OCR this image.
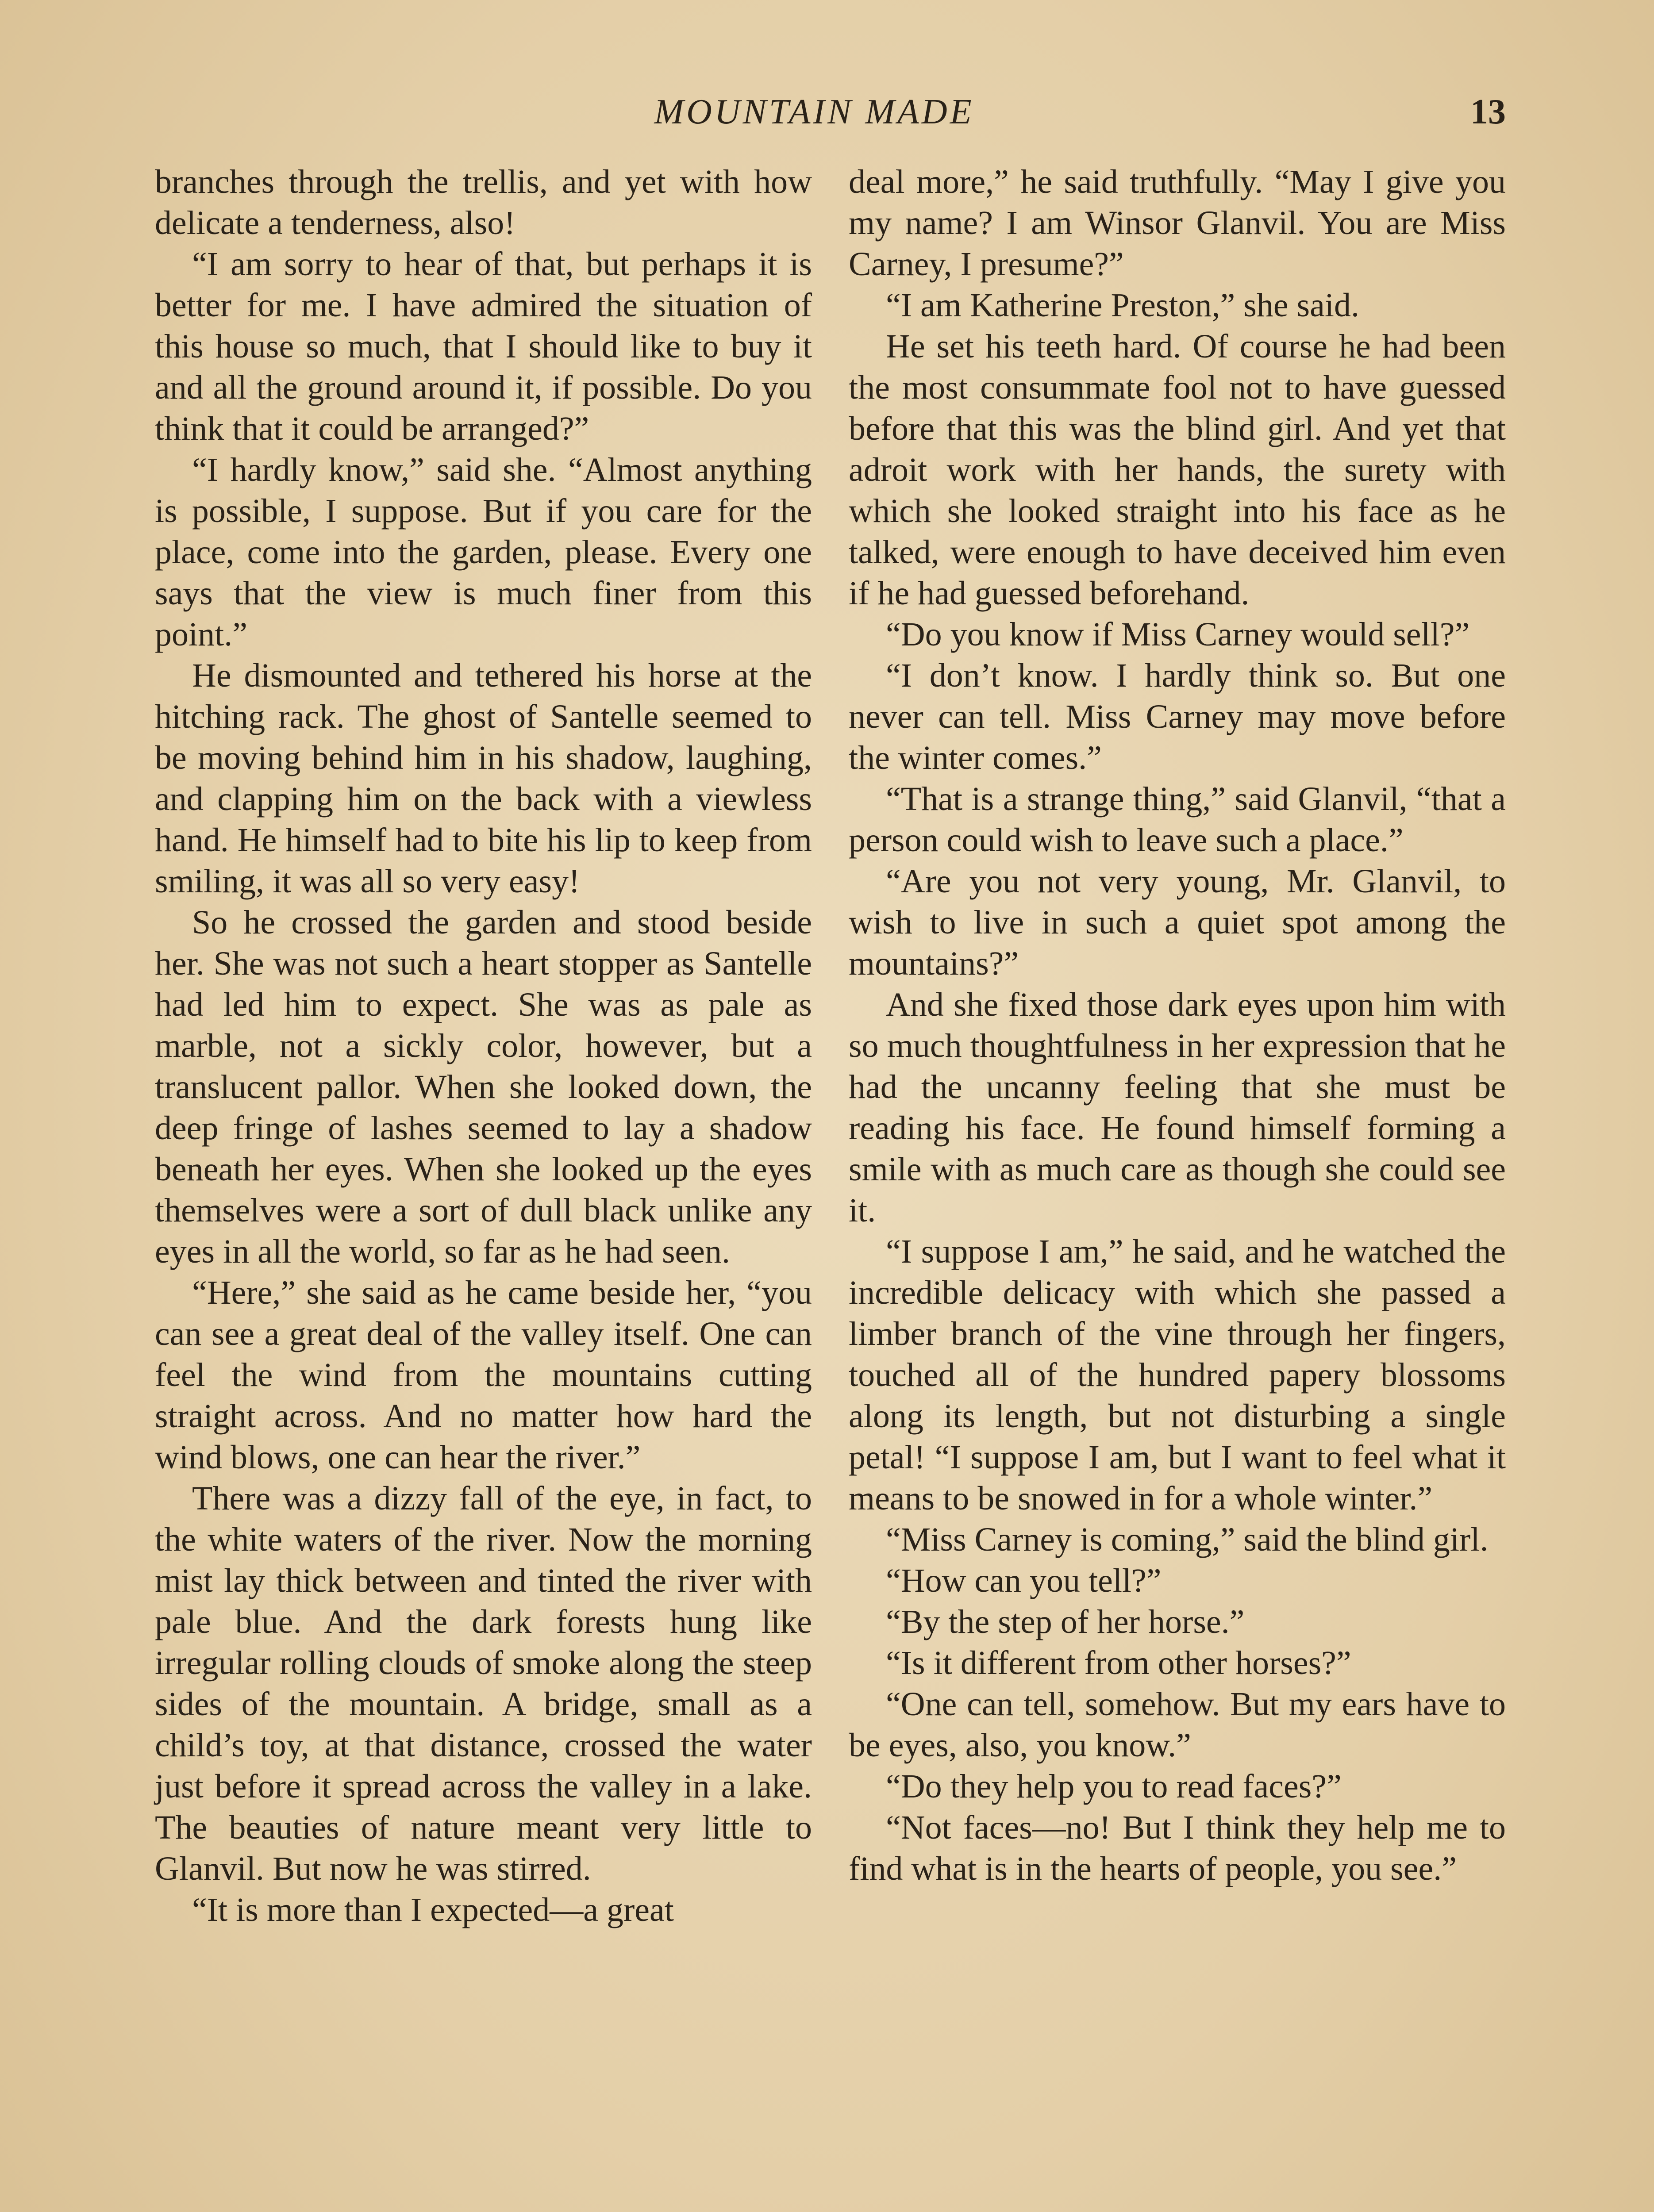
MOUNTAIN MADE	13

branches through the trellis, and yet with how delicate a tenderness, also!

“I am sorry to hear of that, but perhaps it is better for me. I have admired the situation of this house so much, that I should like to buy it and all the ground around it, if possible. Do you think that it could be arranged?”

“I hardly know,” said she. “Almost anything is possible, I suppose. But if you care for the place, come into the garden, please. Every one says that the view is much finer from this point.”

He dismounted and tethered his horse at the hitching rack. The ghost of Santelle seemed to be moving behind him in his shadow, laughing, and clapping him on the back with a viewless hand. He himself had to bite his lip to keep from smiling, it was all so very easy!

So he crossed the garden and stood beside her. She was not such a heart stopper as Santelle had led him to expect. She was as pale as marble, not a sickly color, however, but a translucent pallor. When she looked down, the deep fringe of lashes seemed to lay a shadow beneath her eyes. When she looked up the eyes themselves were a sort of dull black unlike any eyes in all the world, so far as he had seen.

“Here,” she said as he came beside her, “you can see a great deal of the valley itself. One can feel the wind from the mountains cutting straight across. And no matter how hard the wind blows, one can hear the river.”

There was a dizzy fall of the eye, in fact, to the white waters of the river. Now the morning mist lay thick between and tinted the river with pale blue. And the dark forests hung like irregular rolling clouds of smoke along the steep sides of the mountain. A bridge, small as a child’s toy, at that distance, crossed the water just before it spread across the valley in a lake. The beauties of nature meant very little to Glanvil. But now he was stirred.

“It is more than I expected—a great

deal more,” he said truthfully. “May I give you my name? I am Winsor Glanvil. You are Miss Carney, I presume?”

“I am Katherine Preston,” she said.

He set his teeth hard. Of course he had been the most consummate fool not to have guessed before that this was the blind girl. And yet that adroit work with her hands, the surety with which she looked straight into his face as he talked, were enough to have deceived him even if he had guessed beforehand.

“Do you know if Miss Carney would sell?”

“I don’t know. I hardly think so. But one never can tell. Miss Carney may move before the winter comes.”

“That is a strange thing,” said Glanvil, “that a person could wish to leave such a place.”

“Are you not very young, Mr. Glanvil, to wish to live in such a quiet spot among the mountains?”

And she fixed those dark eyes upon him with so much thoughtfulness in her expression that he had the uncanny feeling that she must be reading his face. He found himself forming a smile with as much care as though she could see it.

“I suppose I am,” he said, and he watched the incredible delicacy with which she passed a limber branch of the vine through her fingers, touched all of the hundred papery blossoms along its length, but not disturbing a single petal! “I suppose I am, but I want to feel what it means to be snowed in for a whole winter.”

“Miss Carney is coming,” said the blind girl.

“How can you tell?”

“By the step of her horse.”

“Is it different from other horses?”

“One can tell, somehow. But my ears have to be eyes, also, you know.”

“Do they help you to read faces?”

“Not faces—no! But I think they help me to find what is in the hearts of people, you see.”
